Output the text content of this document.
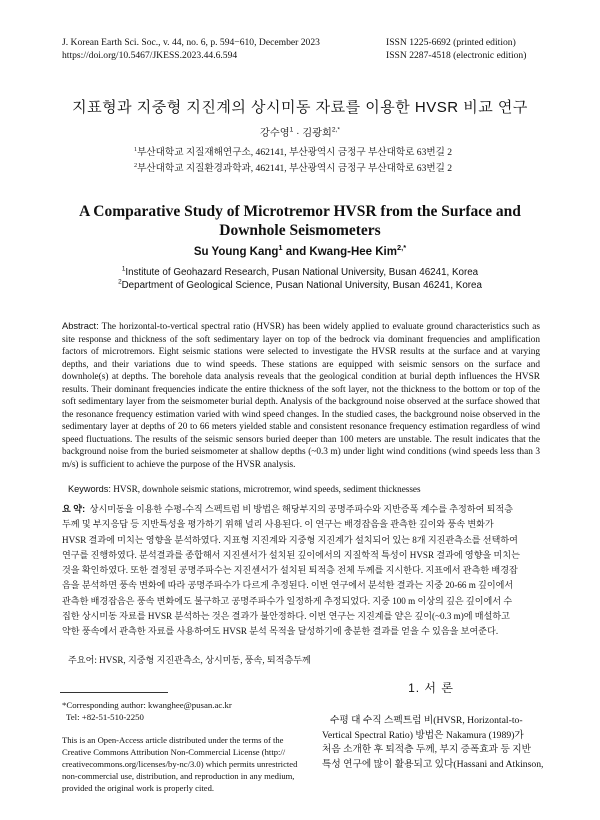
J. Korean Earth Sci. Soc., v. 44, no. 6, p. 594−610, December 2023
https://doi.org/10.5467/JKESS.2023.44.6.594
ISSN 1225-6692 (printed edition)
ISSN 2287-4518 (electronic edition)
지표형과 지중형 지진계의 상시미동 자료를 이용한 HVSR 비교 연구
강수영$^1$ · 김광희$^{2,*}$
$^1$부산대학교 지질재해연구소, 462141, 부산광역시 금정구 부산대학로 63번길 2
$^2$부산대학교 지질환경과학과, 462141, 부산광역시 금정구 부산대학로 63번길 2
A Comparative Study of Microtremor HVSR from the Surface and Downhole Seismometers
Su Young Kang$^1$ and Kwang-Hee Kim$^{2,*}$
$^1$Institute of Geohazard Research, Pusan National University, Busan 46241, Korea
$^2$Department of Geological Science, Pusan National University, Busan 46241, Korea
Abstract: The horizontal-to-vertical spectral ratio (HVSR) has been widely applied to evaluate ground characteristics such as site response and thickness of the soft sedimentary layer on top of the bedrock via dominant frequencies and amplification factors of microtremors. Eight seismic stations were selected to investigate the HVSR results at the surface and at varying depths, and their variations due to wind speeds. These stations are equipped with seismic sensors on the surface and downhole(s) at depths. The borehole data analysis reveals that the geological condition at burial depth influences the HVSR results. Their dominant frequencies indicate the entire thickness of the soft layer, not the thickness to the bottom or top of the soft sedimentary layer from the seismometer burial depth. Analysis of the background noise observed at the surface showed that the resonance frequency estimation varied with wind speed changes. In the studied cases, the background noise observed in the sedimentary layer at depths of 20 to 66 meters yielded stable and consistent resonance frequency estimation regardless of wind speed fluctuations. The results of the seismic sensors buried deeper than 100 meters are unstable. The result indicates that the background noise from the buried seismometer at shallow depths (~0.3 m) under light wind conditions (wind speeds less than 3 m/s) is sufficient to achieve the purpose of the HVSR analysis.
Keywords: HVSR, downhole seismic stations, microtremor, wind speeds, sediment thicknesses
요 약: 상시미동을 이용한 수평-수직 스펙트럼 비 방법은 해당부지의 공명주파수와 지반증폭 계수를 추정하여 퇴적층
두께 및 부지응답 등 지반특성을 평가하기 위해 널리 사용된다. 이 연구는 배경잡음을 관측한 깊이와 풍속 변화가
HVSR 결과에 미치는 영향을 분석하였다. 지표형 지진계와 지중형 지진계가 설치되어 있는 8개 지진관측소를 선택하여
연구를 진행하였다. 분석결과를 종합해서 지진센서가 설치된 깊이에서의 지질학적 특성이 HVSR 결과에 영향을 미치는
것을 확인하였다. 또한 결정된 공명주파수는 지진센서가 설치된 퇴적층 전체 두께를 지시한다. 지표에서 관측한 배경잡
음을 분석하면 풍속 변화에 따라 공명주파수가 다르게 추정된다. 이번 연구에서 분석한 결과는 지중 20-66 m 깊이에서
관측한 배경잡음은 풍속 변화에도 불구하고 공명주파수가 일정하게 추정되었다. 지중 100 m 이상의 깊은 깊이에서 수
집한 상시미동 자료를 HVSR 분석하는 것은 결과가 불안정하다. 이번 연구는 지진계를 얕은 깊이(~0.3 m)에 매설하고
약한 풍속에서 관측한 자료를 사용하여도 HVSR 분석 목적을 달성하기에 충분한 결과를 얻을 수 있음을 보여준다.
주요어: HVSR, 지중형 지진관측소, 상시미동, 풍속, 퇴적층두께
*Corresponding author: kwanghee@pusan.ac.kr
Tel: +82-51-510-2250
This is an Open-Access article distributed under the terms of the
Creative Commons Attribution Non-Commercial License (http://
creativecommons.org/licenses/by-nc/3.0) which permits unrestricted
non-commercial use, distribution, and reproduction in any medium,
provided the original work is properly cited.
1. 서 론
수평 대 수직 스펙트럼 비(HVSR, Horizontal-to-
Vertical Spectral Ratio) 방법은 Nakamura (1989)가
처음 소개한 후 퇴적층 두께, 부지 증폭효과 등 지반
특성 연구에 많이 활용되고 있다(Hassani and Atkinson,
